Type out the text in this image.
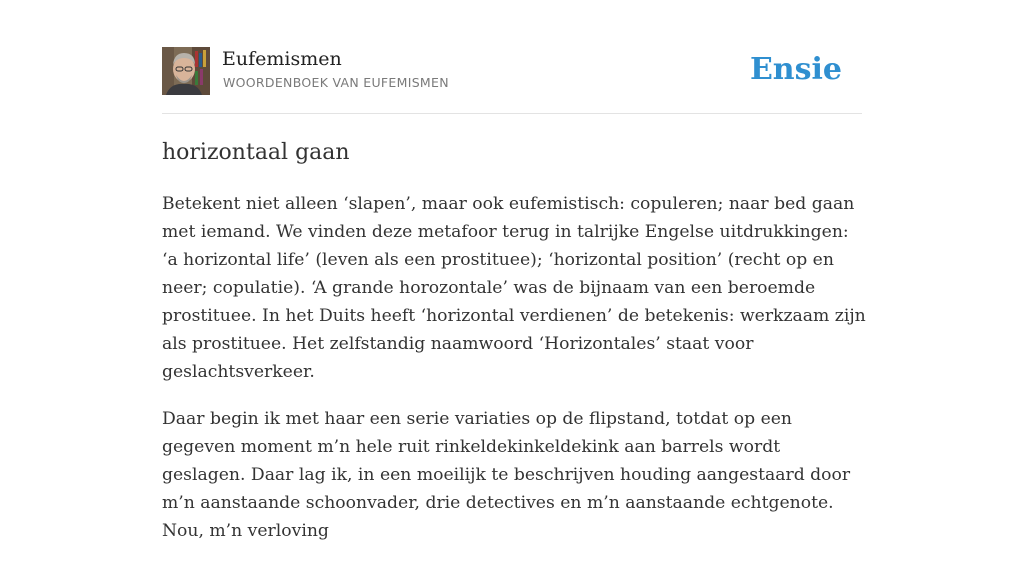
Eufemismen
WOORDENBOEK VAN EUFEMISMEN	Ensie
horizontaal gaan

Betekent niet alleen ‘slapen’, maar ook eufemistisch: copuleren; naar bed gaan met iemand. We vinden deze metafoor terug in talrijke Engelse uitdrukkingen: ‘a horizontal life’ (leven als een prostituee); ‘horizontal position’ (recht op en neer; copulatie). ‘A grande horozontale’ was de bijnaam van een beroemde prostituee. In het Duits heeft ‘horizontal verdienen’ de betekenis: werkzaam zijn als prostituee. Het zelfstandig naamwoord ‘Horizontales’ staat voor geslachtsverkeer.

Daar begin ik met haar een serie variaties op de flipstand, totdat op een gegeven moment m’n hele ruit rinkeldekinkeldekink aan barrels wordt geslagen. Daar lag ik, in een moeilijk te beschrijven houding aangestaard door m’n aanstaande schoonvader, drie detectives en m’n aanstaande echtgenote. Nou, m’n verloving
